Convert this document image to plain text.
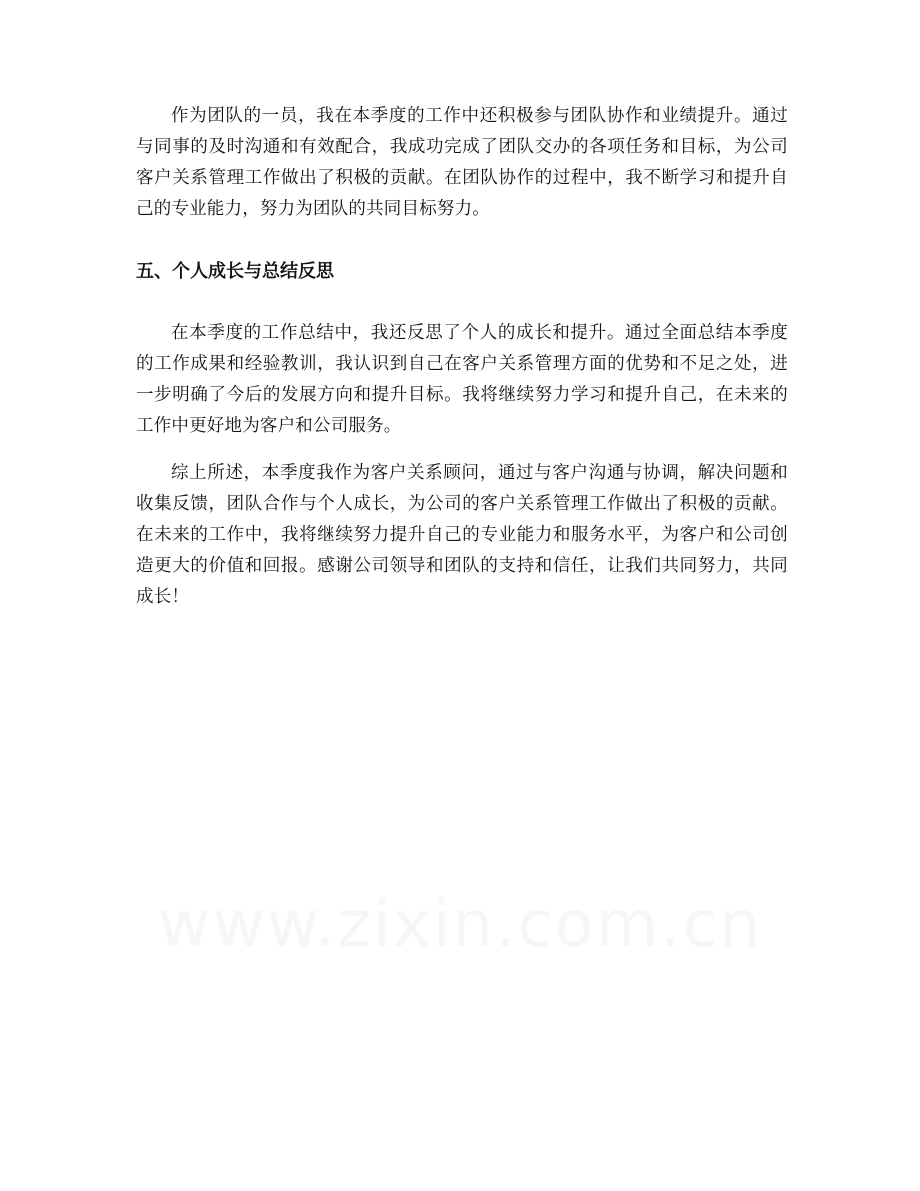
作为团队的一员，我在本季度的工作中还积极参与团队协作和业绩提升。通过与同事的及时沟通和有效配合，我成功完成了团队交办的各项任务和目标，为公司客户关系管理工作做出了积极的贡献。在团队协作的过程中，我不断学习和提升自己的专业能力，努力为团队的共同目标努力。

五、个人成长与总结反思

在本季度的工作总结中，我还反思了个人的成长和提升。通过全面总结本季度的工作成果和经验教训，我认识到自己在客户关系管理方面的优势和不足之处，进一步明确了今后的发展方向和提升目标。我将继续努力学习和提升自己，在未来的工作中更好地为客户和公司服务。

综上所述，本季度我作为客户关系顾问，通过与客户沟通与协调，解决问题和收集反馈，团队合作与个人成长，为公司的客户关系管理工作做出了积极的贡献。在未来的工作中，我将继续努力提升自己的专业能力和服务水平，为客户和公司创造更大的价值和回报。感谢公司领导和团队的支持和信任，让我们共同努力，共同成长！

www.zixin.com.cn
